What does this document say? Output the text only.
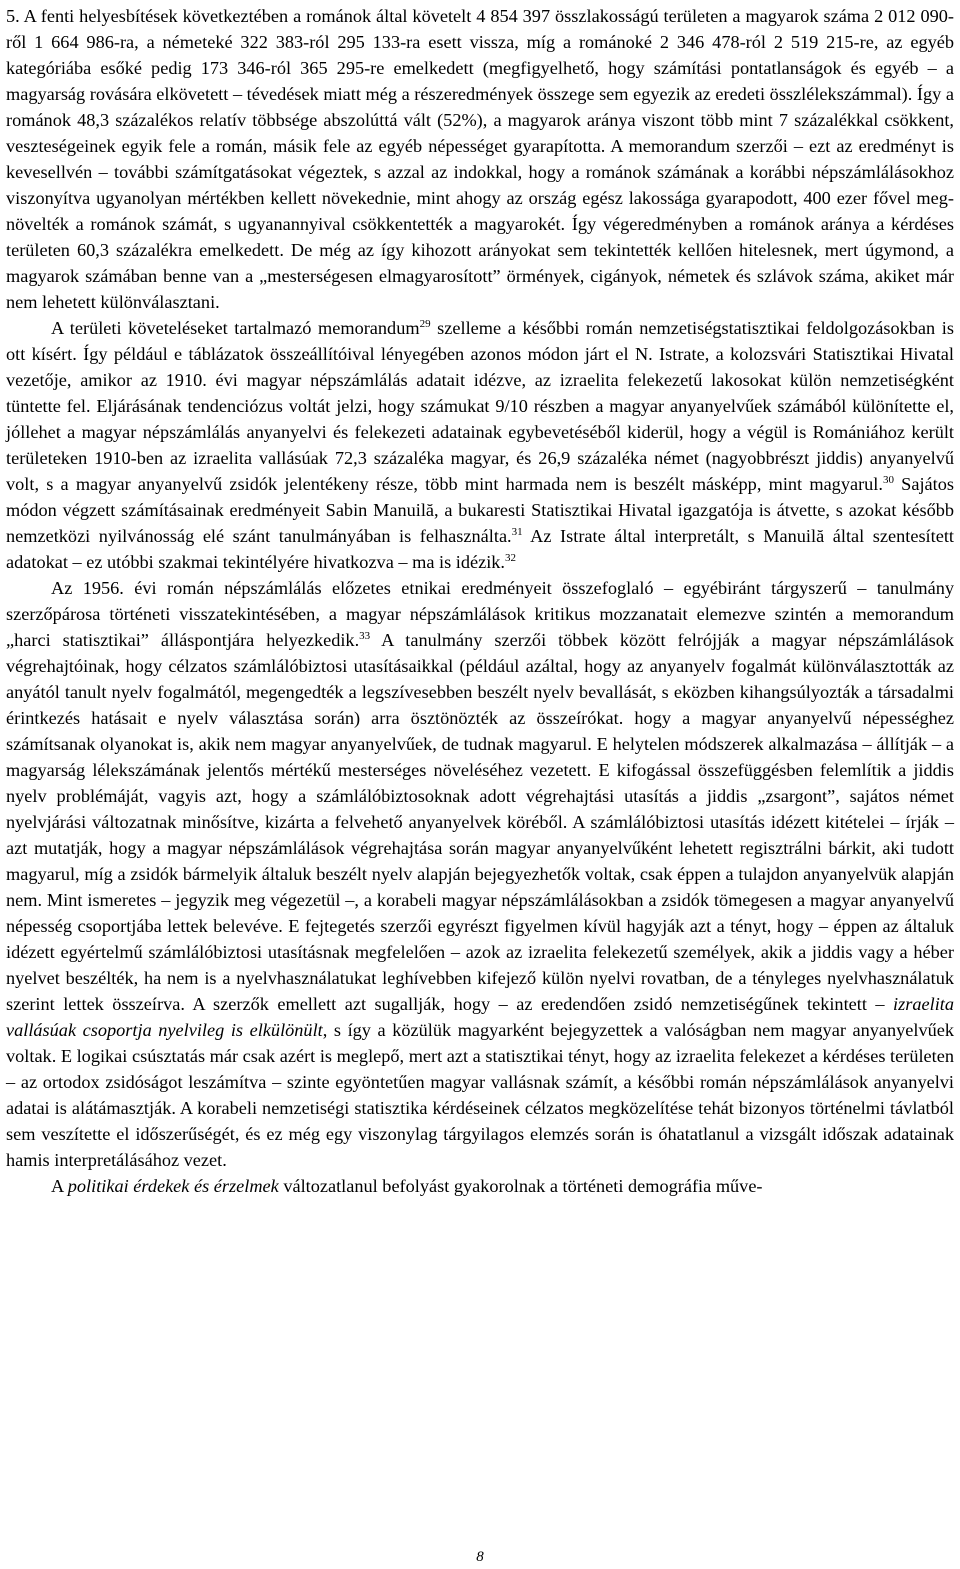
5. A fenti helyesbítések következtében a románok által követelt 4 854 397 összlakosságú területen a magyarok száma 2 012 090-ről 1 664 986-ra, a németeké 322 383-ról 295 133-ra esett vissza, míg a románoké 2 346 478-ról 2 519 215-re, az egyéb kategóriába esőké pedig 173 346-ról 365 295-re emelkedett (megfigyelhető, hogy számítási pontatlanságok és egyéb – a magyarság rovására elkövetett – tévedések miatt még a részeredmények összege sem egyezik az eredeti összlélekszámmal). Így a románok 48,3 százalékos relatív többsége abszolúttá vált (52%), a magyarok aránya viszont több mint 7 százalékkal csökkent, veszteségeinek egyik fele a román, másik fele az egyéb népességet gyarapította. A memorandum szerzői – ezt az eredményt is kevesellvén – további számítgatásokat végeztek, s azzal az indokkal, hogy a románok számának a korábbi népszámlálásokhoz viszonyítva ugyanolyan mértékben kellett növekednie, mint ahogy az ország egész lakossága gyarapodott, 400 ezer fővel megnövelték a románok számát, s ugyanannyival csökkentették a magyarokét. Így végeredményben a románok aránya a kérdéses területen 60,3 százalékra emelkedett. De még az így kihozott arányokat sem tekintették kellően hitelesnek, mert úgymond, a magyarok számában benne van a „mesterségesen elmagyarosított” örmények, cigányok, németek és szlávok száma, akiket már nem lehetett különválasztani.

A területi követeléseket tartalmazó memorandum$^{29}$ szelleme a későbbi román nemzetiségstatisztikai feldolgozásokban is ott kísért. Így például e táblázatok összeállítóival lényegében azonos módon járt el N. Istrate, a kolozsvári Statisztikai Hivatal vezetője, amikor az 1910. évi magyar népszámlálás adatait idézve, az izraelita felekezetű lakosokat külön nemzetiségként tüntette fel. Eljárásának tendenciózus voltát jelzi, hogy számukat 9/10 részben a magyar anyanyelvűek számából különítette el, jóllehet a magyar népszámlálás anyanyelvi és felekezeti adatainak egybevetéséből kiderül, hogy a végül is Romániához került területeken 1910-ben az izraelita vallásúak 72,3 százaléka magyar, és 26,9 százaléka német (nagyobbrészt jiddis) anyanyelvű volt, s a magyar anyanyelvű zsidók jelentékeny része, több mint harmada nem is beszélt másképp, mint magyarul.$^{30}$ Sajátos módon végzett számításainak eredményeit Sabin Manuilă, a bukaresti Statisztikai Hivatal igazgatója is átvette, s azokat később nemzetközi nyilvánosság elé szánt tanulmányában is felhasználta.$^{31}$ Az Istrate által interpretált, s Manuilă által szentesített adatokat – ez utóbbi szakmai tekintélyére hivatkozva – ma is idézik.$^{32}$

Az 1956. évi román népszámlálás előzetes etnikai eredményeit összefoglaló – egyébiránt tárgyszerű – tanulmány szerzőpárosa történeti visszatekintésében, a magyar népszámlálások kritikus mozzanatait elemezve szintén a memorandum „harci statisztikai” álláspontjára helyezkedik.$^{33}$ A tanulmány szerzői többek között felrójják a magyar népszámlálások végrehajtóinak, hogy célzatos számlálóbiztosi utasításaikkal (például azáltal, hogy az anyanyelv fogalmát különválasztották az anyától tanult nyelv fogalmától, megengedték a legszívesebben beszélt nyelv bevallását, s eközben kihangsúlyozták a társadalmi érintkezés hatásait e nyelv választása során) arra ösztönözték az összeírókat. hogy a magyar anyanyelvű népességhez számítsanak olyanokat is, akik nem magyar anyanyelvűek, de tudnak magyarul. E helytelen módszerek alkalmazása – állítják – a magyarság lélekszámának jelentős mértékű mesterséges növeléséhez vezetett. E kifogással összefüggésben felemlítik a jiddis nyelv problémáját, vagyis azt, hogy a számlálóbiztosoknak adott végrehajtási utasítás a jiddis „zsargont”, sajátos német nyelvjárási változatnak minősítve, kizárta a felvehető anyanyelvek köréből. A számlálóbiztosi utasítás idézett kitételei – írják – azt mutatják, hogy a magyar népszámlálások végrehajtása során magyar anyanyelvűként lehetett regisztrálni bárkit, aki tudott magyarul, míg a zsidók bármelyik általuk beszélt nyelv alapján bejegyezhetők voltak, csak éppen a tulajdon anyanyelvük alapján nem. Mint ismeretes – jegyzik meg végezetül –, a korabeli magyar népszámlálásokban a zsidók tömegesen a magyar anyanyelvű népesség csoportjába lettek belevéve. E fejtegetés szerzői egyrészt figyelmen kívül hagyják azt a tényt, hogy – éppen az általuk idézett egyértelmű számlálóbiztosi utasításnak megfelelően – azok az izraelita felekezetű személyek, akik a jiddis vagy a héber nyelvet beszélték, ha nem is a nyelvhasználatukat leghívebben kifejező külön nyelvi rovatban, de a tényleges nyelvhasználatuk szerint lettek összeírva. A szerzők emellett azt sugallják, hogy – az eredendően zsidó nemzetiségűnek tekintett – izraelita vallásúak csoportja nyelvileg is elkülönült, s így a közülük magyarként bejegyzettek a valóságban nem magyar anyanyelvűek voltak. E logikai csúsztatás már csak azért is meglepő, mert azt a statisztikai tényt, hogy az izraelita felekezet a kérdéses területen – az ortodox zsidóságot leszámítva – szinte egyöntetűen magyar vallásnak számít, a későbbi román népszámlálások anyanyelvi adatai is alátámasztják. A korabeli nemzetiségi statisztika kérdéseinek célzatos megközelítése tehát bizonyos történelmi távlatból sem veszítette el időszerűségét, és ez még egy viszonylag tárgyilagos elemzés során is óhatatlanul a vizsgált időszak adatainak hamis interpretálásához vezet.

A politikai érdekek és érzelmek változatlanul befolyást gyakorolnak a történeti demográfia műve-

8
